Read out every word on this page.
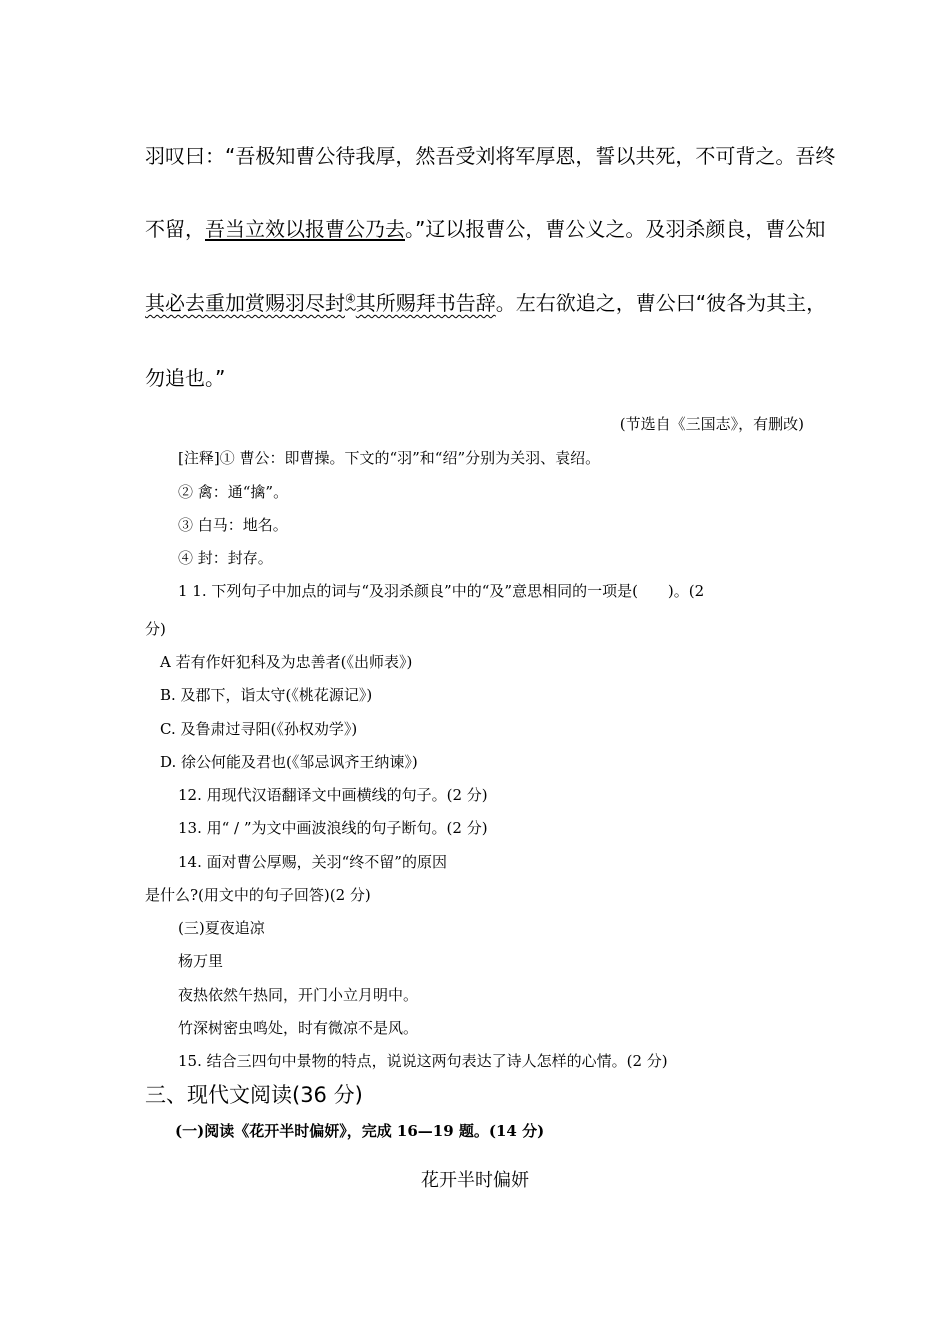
羽叹曰：“吾极知曹公待我厚，然吾受刘将军厚恩，誓以共死，不可背之。吾终
不留，吾当立效以报曹公乃去。”辽以报曹公，曹公义之。及羽杀颜良，曹公知
其必去重加赏赐羽尽封④其所赐拜书告辞。左右欲追之，曹公曰“彼各为其主，
勿追也。”
(节选自《三国志》，有删改)
[注释]① 曹公：即曹操。下文的“羽”和“绍”分别为关羽、袁绍。
② 禽：通“擒”。
③ 白马：地名。
④ 封：封存。
1 1. 下列句子中加点的词与“及羽杀颜良”中的“及”意思相同的一项是(　　)。(2
分)
A 若有作奸犯科及为忠善者(《出师表》)
B. 及郡下，诣太守(《桃花源记》)
C. 及鲁肃过寻阳(《孙权劝学》)
D. 徐公何能及君也(《邹忌讽齐王纳谏》)
12. 用现代汉语翻译文中画横线的句子。(2 分)
13. 用“ / ”为文中画波浪线的句子断句。(2 分)
14. 面对曹公厚赐，关羽“终不留”的原因
是什么?(用文中的句子回答)(2 分)
(三)夏夜追凉
杨万里
夜热依然午热同，开门小立月明中。
竹深树密虫鸣处，时有微凉不是风。
15. 结合三四句中景物的特点，说说这两句表达了诗人怎样的心情。(2 分)
三、现代文阅读(36 分)
(一)阅读《花开半时偏妍》，完成 16—19 题。(14 分)
花开半时偏妍
